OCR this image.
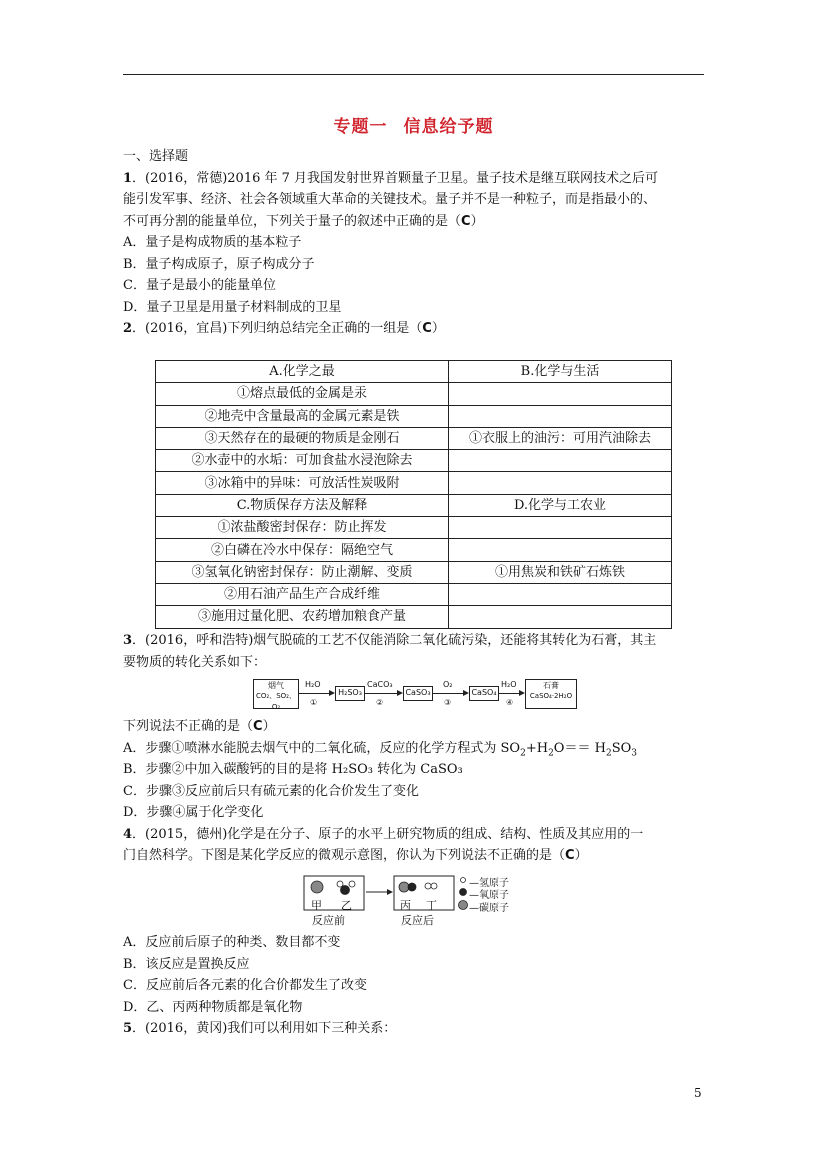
专题一 信息给予题
一、选择题
1．(2016，常德)2016 年 7 月我国发射世界首颗量子卫星。量子技术是继互联网技术之后可
能引发军事、经济、社会各领域重大革命的关键技术。量子并不是一种粒子，而是指最小的、
不可再分割的能量单位，下列关于量子的叙述中正确的是（C）
A．量子是构成物质的基本粒子
B．量子构成原子，原子构成分子
C．量子是最小的能量单位
D．量子卫星是用量子材料制成的卫星
2．(2016，宜昌)下列归纳总结完全正确的一组是（C）
A.化学之最	B.化学与生活
①熔点最低的金属是汞	
②地壳中含量最高的金属元素是铁	
③天然存在的最硬的物质是金刚石	①衣服上的油污：可用汽油除去
②水壶中的水垢：可加食盐水浸泡除去	
③冰箱中的异味：可放活性炭吸附	
C.物质保存方法及解释	D.化学与工农业
①浓盐酸密封保存：防止挥发	
②白磷在冷水中保存：隔绝空气	
③氢氧化钠密封保存：防止潮解、变质	①用焦炭和铁矿石炼铁
②用石油产品生产合成纤维	
③施用过量化肥、农药增加粮食产量	
3．(2016，呼和浩特)烟气脱硫的工艺不仅能消除二氧化硫污染，还能将其转化为石膏，其主
要物质的转化关系如下：
烟气
CO₂、SO₂、O₂
H₂O
①
H₂SO₃
CaCO₃
②
CaSO₃
O₂
③
CaSO₄
H₂O
④
石膏
CaSO₄·2H₂O
下列说法不正确的是（C）
A．步骤①喷淋水能脱去烟气中的二氧化硫，反应的化学方程式为 $SO_2+H_2O== H_2SO_3$
B．步骤②中加入碳酸钙的目的是将 H₂SO₃ 转化为 CaSO₃
C．步骤③反应前后只有硫元素的化合价发生了变化
D．步骤④属于化学变化
4．(2015，德州)化学是在分子、原子的水平上研究物质的组成、结构、性质及其应用的一
门自然科学。下图是某化学反应的微观示意图，你认为下列说法不正确的是（C）
甲 乙	丙 丁
反应前	反应后
—氢原子
—氧原子
—碳原子
A．反应前后原子的种类、数目都不变
B．该反应是置换反应
C．反应前后各元素的化合价都发生了改变
D．乙、丙两种物质都是氧化物
5．(2016，黄冈)我们可以利用如下三种关系：
5
